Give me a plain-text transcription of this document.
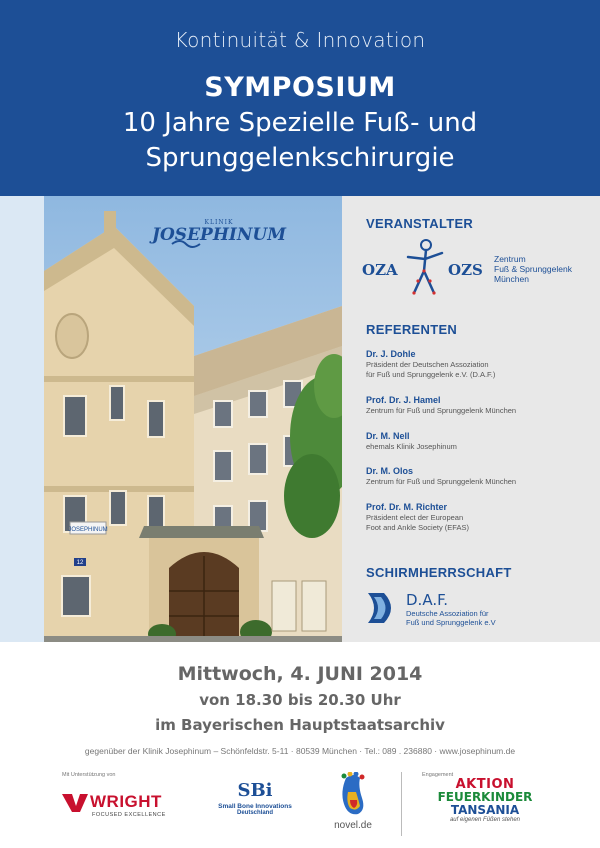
Kontinuität & Innovation
SYMPOSIUM
10 Jahre Spezielle Fuß- und
Sprunggelenkschirurgie
JOSEPHINUM
12
KLINIK
JOSEPHINUM
VERANSTALTER
OZA	OZS
Zentrum
Fuß & Sprunggelenk
München
REFERENTEN
Dr. J. Dohle
Präsident der Deutschen Assoziation
für Fuß und Sprunggelenk e.V. (D.A.F.)
Prof. Dr. J. Hamel
Zentrum für Fuß und Sprunggelenk München
Dr. M. Nell
ehemals Klinik Josephinum
Dr. M. Olos
Zentrum für Fuß und Sprunggelenk München
Prof. Dr. M. Richter
Präsident elect der European
Foot and Ankle Society (EFAS)
SCHIRMHERRSCHAFT
D.A.F.
Deutsche Assoziation für
Fuß und Sprunggelenk e.V
Mittwoch, 4. JUNI 2014
von 18.30 bis 20.30 Uhr
im Bayerischen Hauptstaatsarchiv
gegenüber der Klinik Josephinum – Schönfeldstr. 5-11 · 80539 München · Tel.: 089 . 236880 · www.josephinum.de
Mit Unterstützung von	Engagement
WRIGHT
FOCUSED EXCELLENCE
SBi
Small Bone Innovations
Deutschland
novel.de
AKTION
FEUERKINDER
TANSANIA
auf eigenen Füßen stehen
